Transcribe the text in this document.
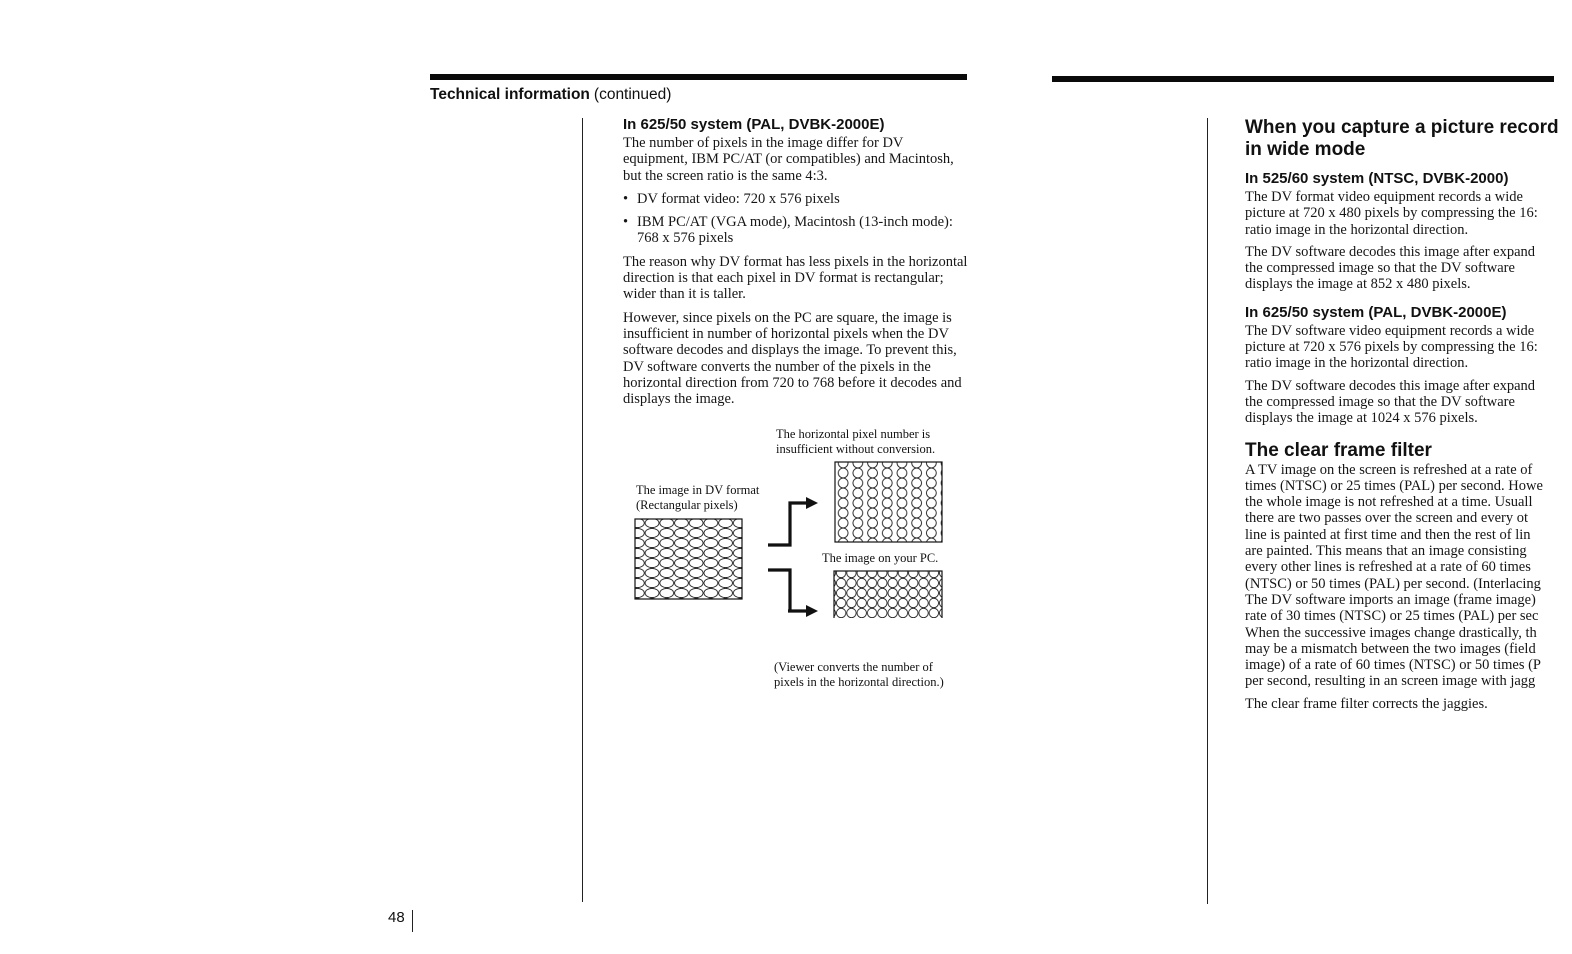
Technical information (continued)
In 625/50 system (PAL, DVBK-2000E)

The number of pixels in the image differ for DV equipment, IBM PC/AT (or compatibles) and Macintosh, but the screen ratio is the same 4:3.

• DV format video: 720 x 576 pixels
• IBM PC/AT (VGA mode), Macintosh (13-inch mode): 768 x 576 pixels

The reason why DV format has less pixels in the horizontal direction is that each pixel in DV format is rectangular; wider than it is taller.

However, since pixels on the PC are square, the image is insufficient in number of horizontal pixels when the DV software decodes and displays the image. To prevent this, DV software converts the number of the pixels in the horizontal direction from 720 to 768 before it decodes and displays the image.

The horizontal pixel number is insufficient without conversion.
The image in DV format
(Rectangular pixels)
The image on your PC.
(Viewer converts the number of pixels in the horizontal direction.)
48
When you capture a picture record
in wide mode
In 525/60 system (NTSC, DVBK-2000)
The DV format video equipment records a wide
picture at 720 x 480 pixels by compressing the 16:
ratio image in the horizontal direction.
The DV software decodes this image after expand
the compressed image so that the DV software
displays the image at 852 x 480 pixels.
In 625/50 system (PAL, DVBK-2000E)
The DV software video equipment records a wide
picture at 720 x 576 pixels by compressing the 16:
ratio image in the horizontal direction.
The DV software decodes this image after expand
the compressed image so that the DV software
displays the image at 1024 x 576 pixels.
The clear frame filter
A TV image on the screen is refreshed at a rate of
times (NTSC) or 25 times (PAL) per second. Howe
the whole image is not refreshed at a time. Usuall
there are two passes over the screen and every ot
line is painted at first time and then the rest of lin
are painted. This means that an image consisting
every other lines is refreshed at a rate of 60 times
(NTSC) or 50 times (PAL) per second. (Interlacing
The DV software imports an image (frame image)
rate of 30 times (NTSC) or 25 times (PAL) per sec
When the successive images change drastically, th
may be a mismatch between the two images (field
image) of a rate of 60 times (NTSC) or 50 times (P
per second, resulting in an screen image with jagg

The clear frame filter corrects the jaggies.
